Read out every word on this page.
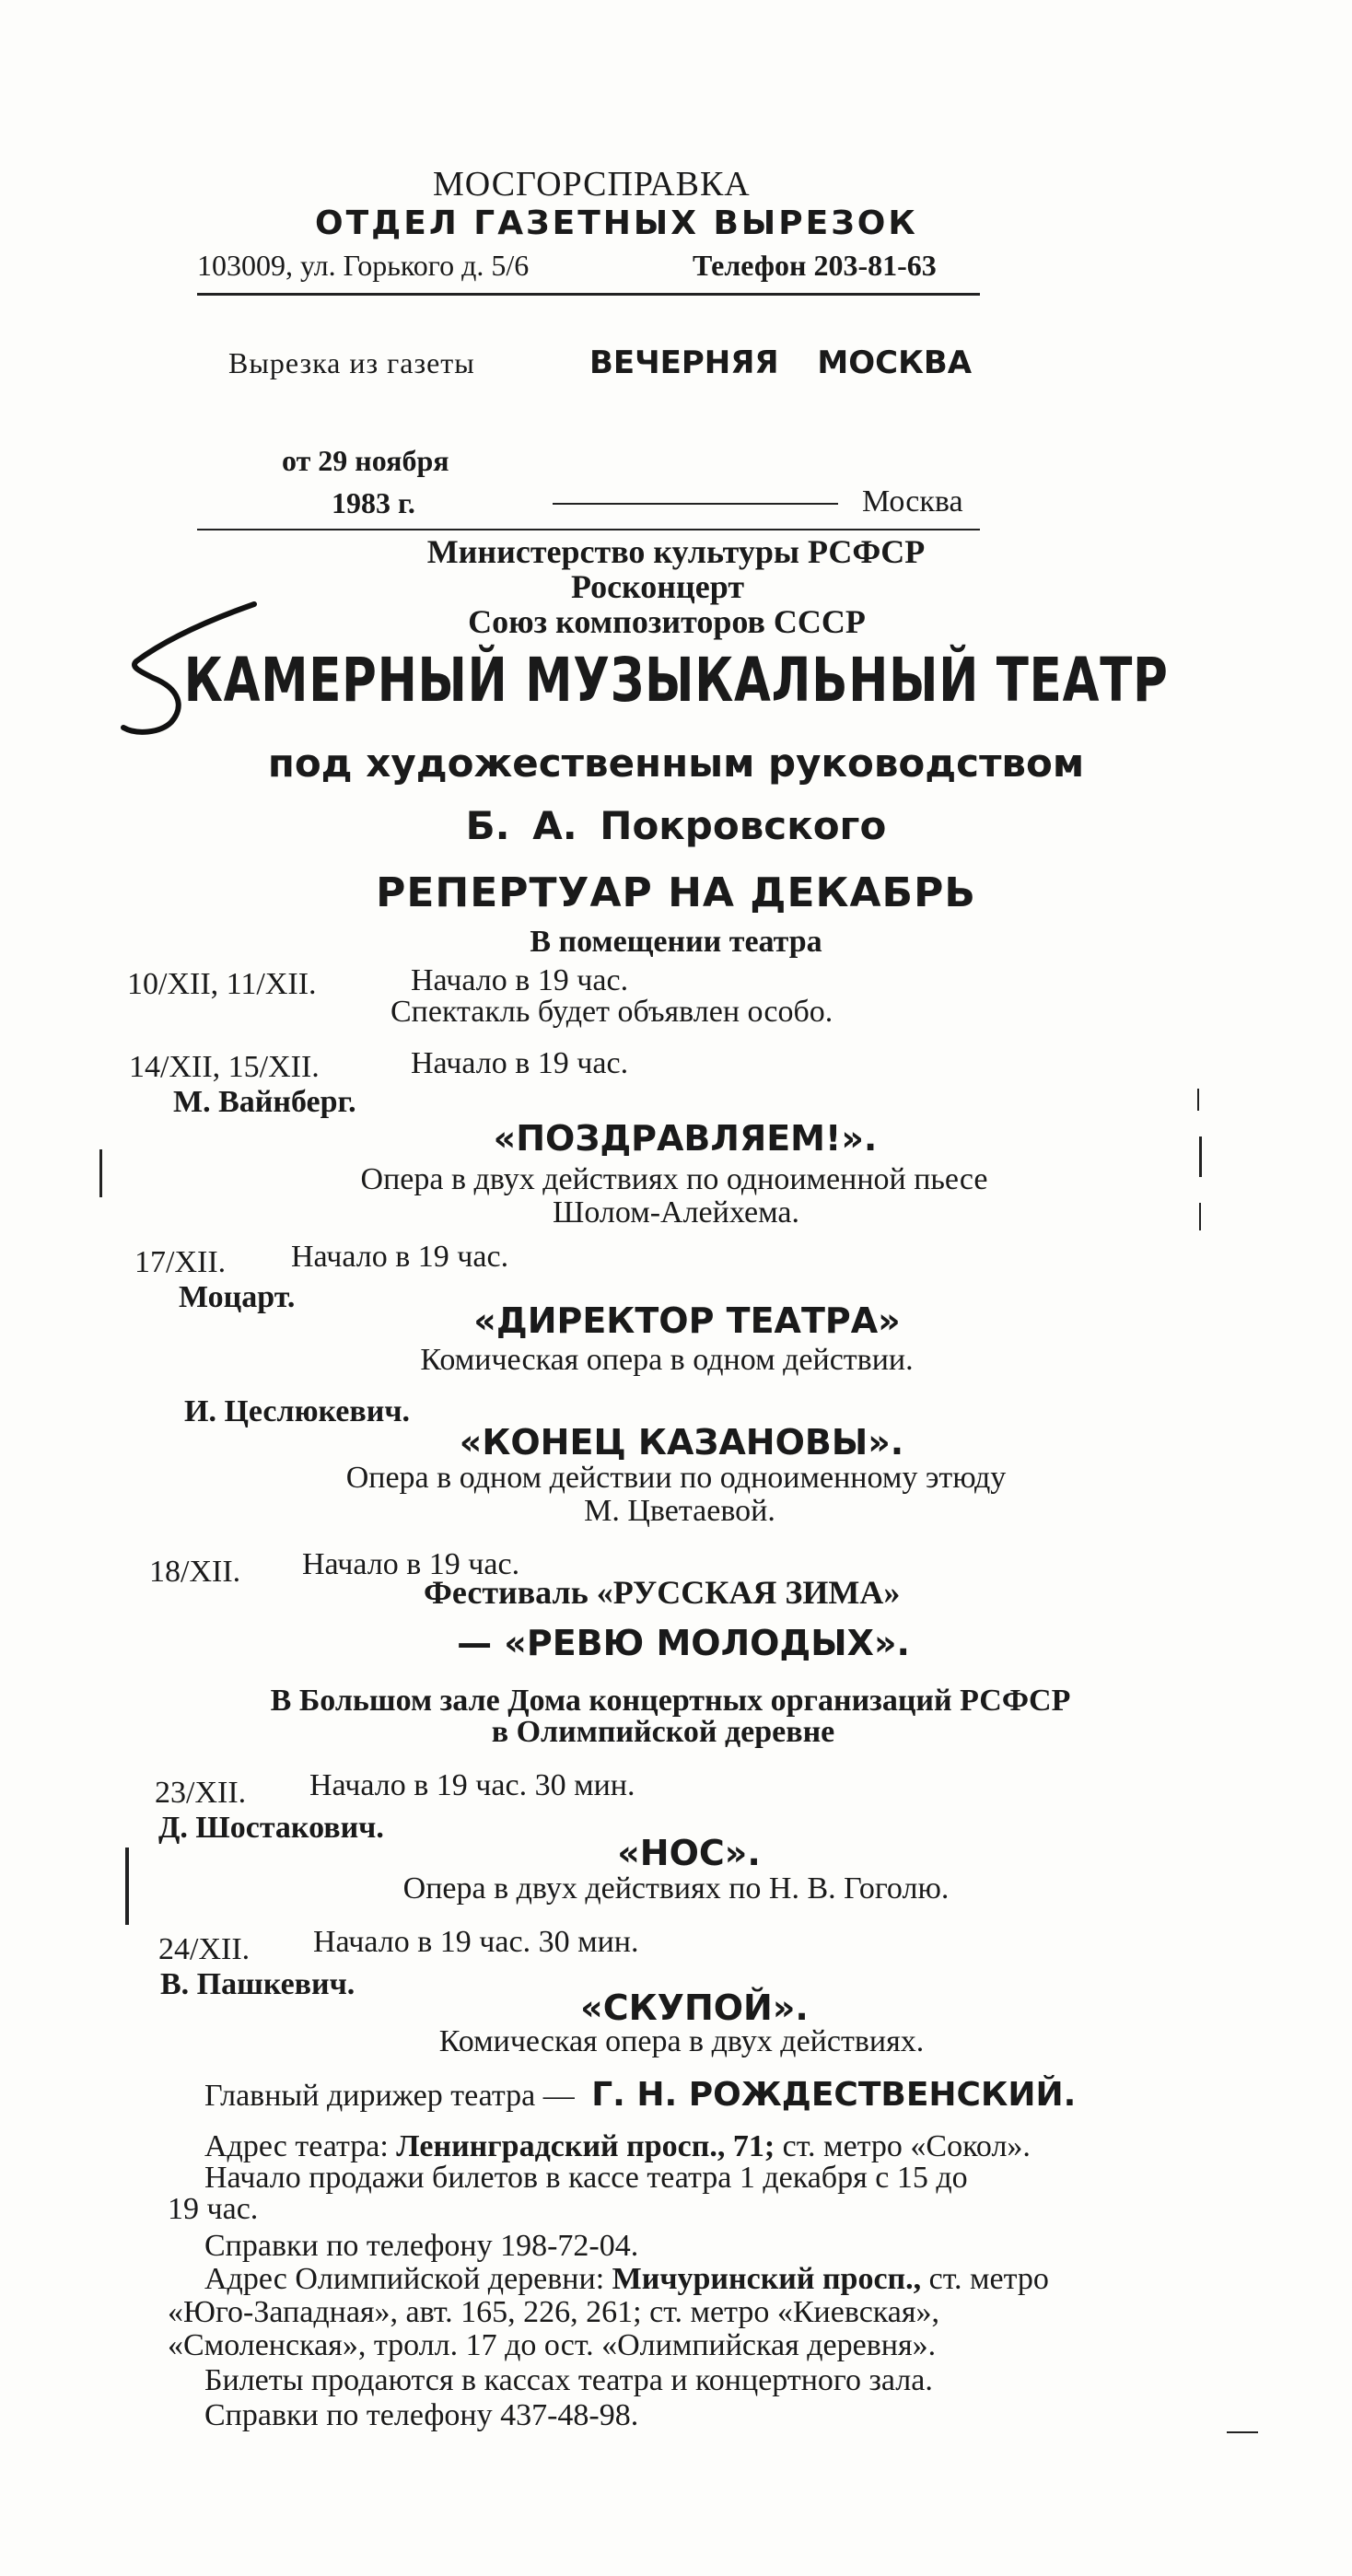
МОСГОРСПРАВКА
ОТДЕЛ ГАЗЕТНЫХ ВЫРЕЗОК
103009, ул. Горького д. 5/6	Телефон 203-81-63
Вырезка из газеты	ВЕЧЕРНЯЯ МОСКВА
от 29 ноября
1983 г.	Москва
Министерство культуры РСФСР
Росконцерт
Союз композиторов СССР
КАМЕРНЫЙ МУЗЫКАЛЬНЫЙ ТЕАТР
под художественным руководством
Б. А. Покровского
РЕПЕРТУАР НА ДЕКАБРЬ
В помещении театра
10/XII, 11/XII.	Начало в 19 час.
Спектакль будет объявлен особо.
14/XII, 15/XII.	Начало в 19 час.
М. Вайнберг.
«ПОЗДРАВЛЯЕМ!».
Опера в двух действиях по одноименной пьесе
Шолом-Алейхема.
17/XII. Начало в 19 час.
Моцарт.
«ДИРЕКТОР ТЕАТРА»
Комическая опера в одном действии.
И. Цеслюкевич.
«КОНЕЦ КАЗАНОВЫ».
Опера в одном действии по одноименному этюду
М. Цветаевой.
18/XII. Начало в 19 час.
Фестиваль «РУССКАЯ ЗИМА»
— «РЕВЮ МОЛОДЫХ».
В Большом зале Дома концертных организаций РСФСР
в Олимпийской деревне
23/XII. Начало в 19 час. 30 мин.
Д. Шостакович.
«НОС».
Опера в двух действиях по Н. В. Гоголю.
24/XII. Начало в 19 час. 30 мин.
В. Пашкевич.
«СКУПОЙ».
Комическая опера в двух действиях.
Главный дирижер театра — Г. Н. РОЖДЕСТВЕНСКИЙ.
Адрес театра: Ленинградский просп., 71; ст. метро «Сокол».
Начало продажи билетов в кассе театра 1 декабря с 15 до
19 час.
Справки по телефону 198-72-04.
Адрес Олимпийской деревни: Мичуринский просп., ст. метро
«Юго-Западная», авт. 165, 226, 261; ст. метро «Киевская»,
«Смоленская», тролл. 17 до ост. «Олимпийская деревня».
Билеты продаются в кассах театра и концертного зала.
Справки по телефону 437-48-98.
